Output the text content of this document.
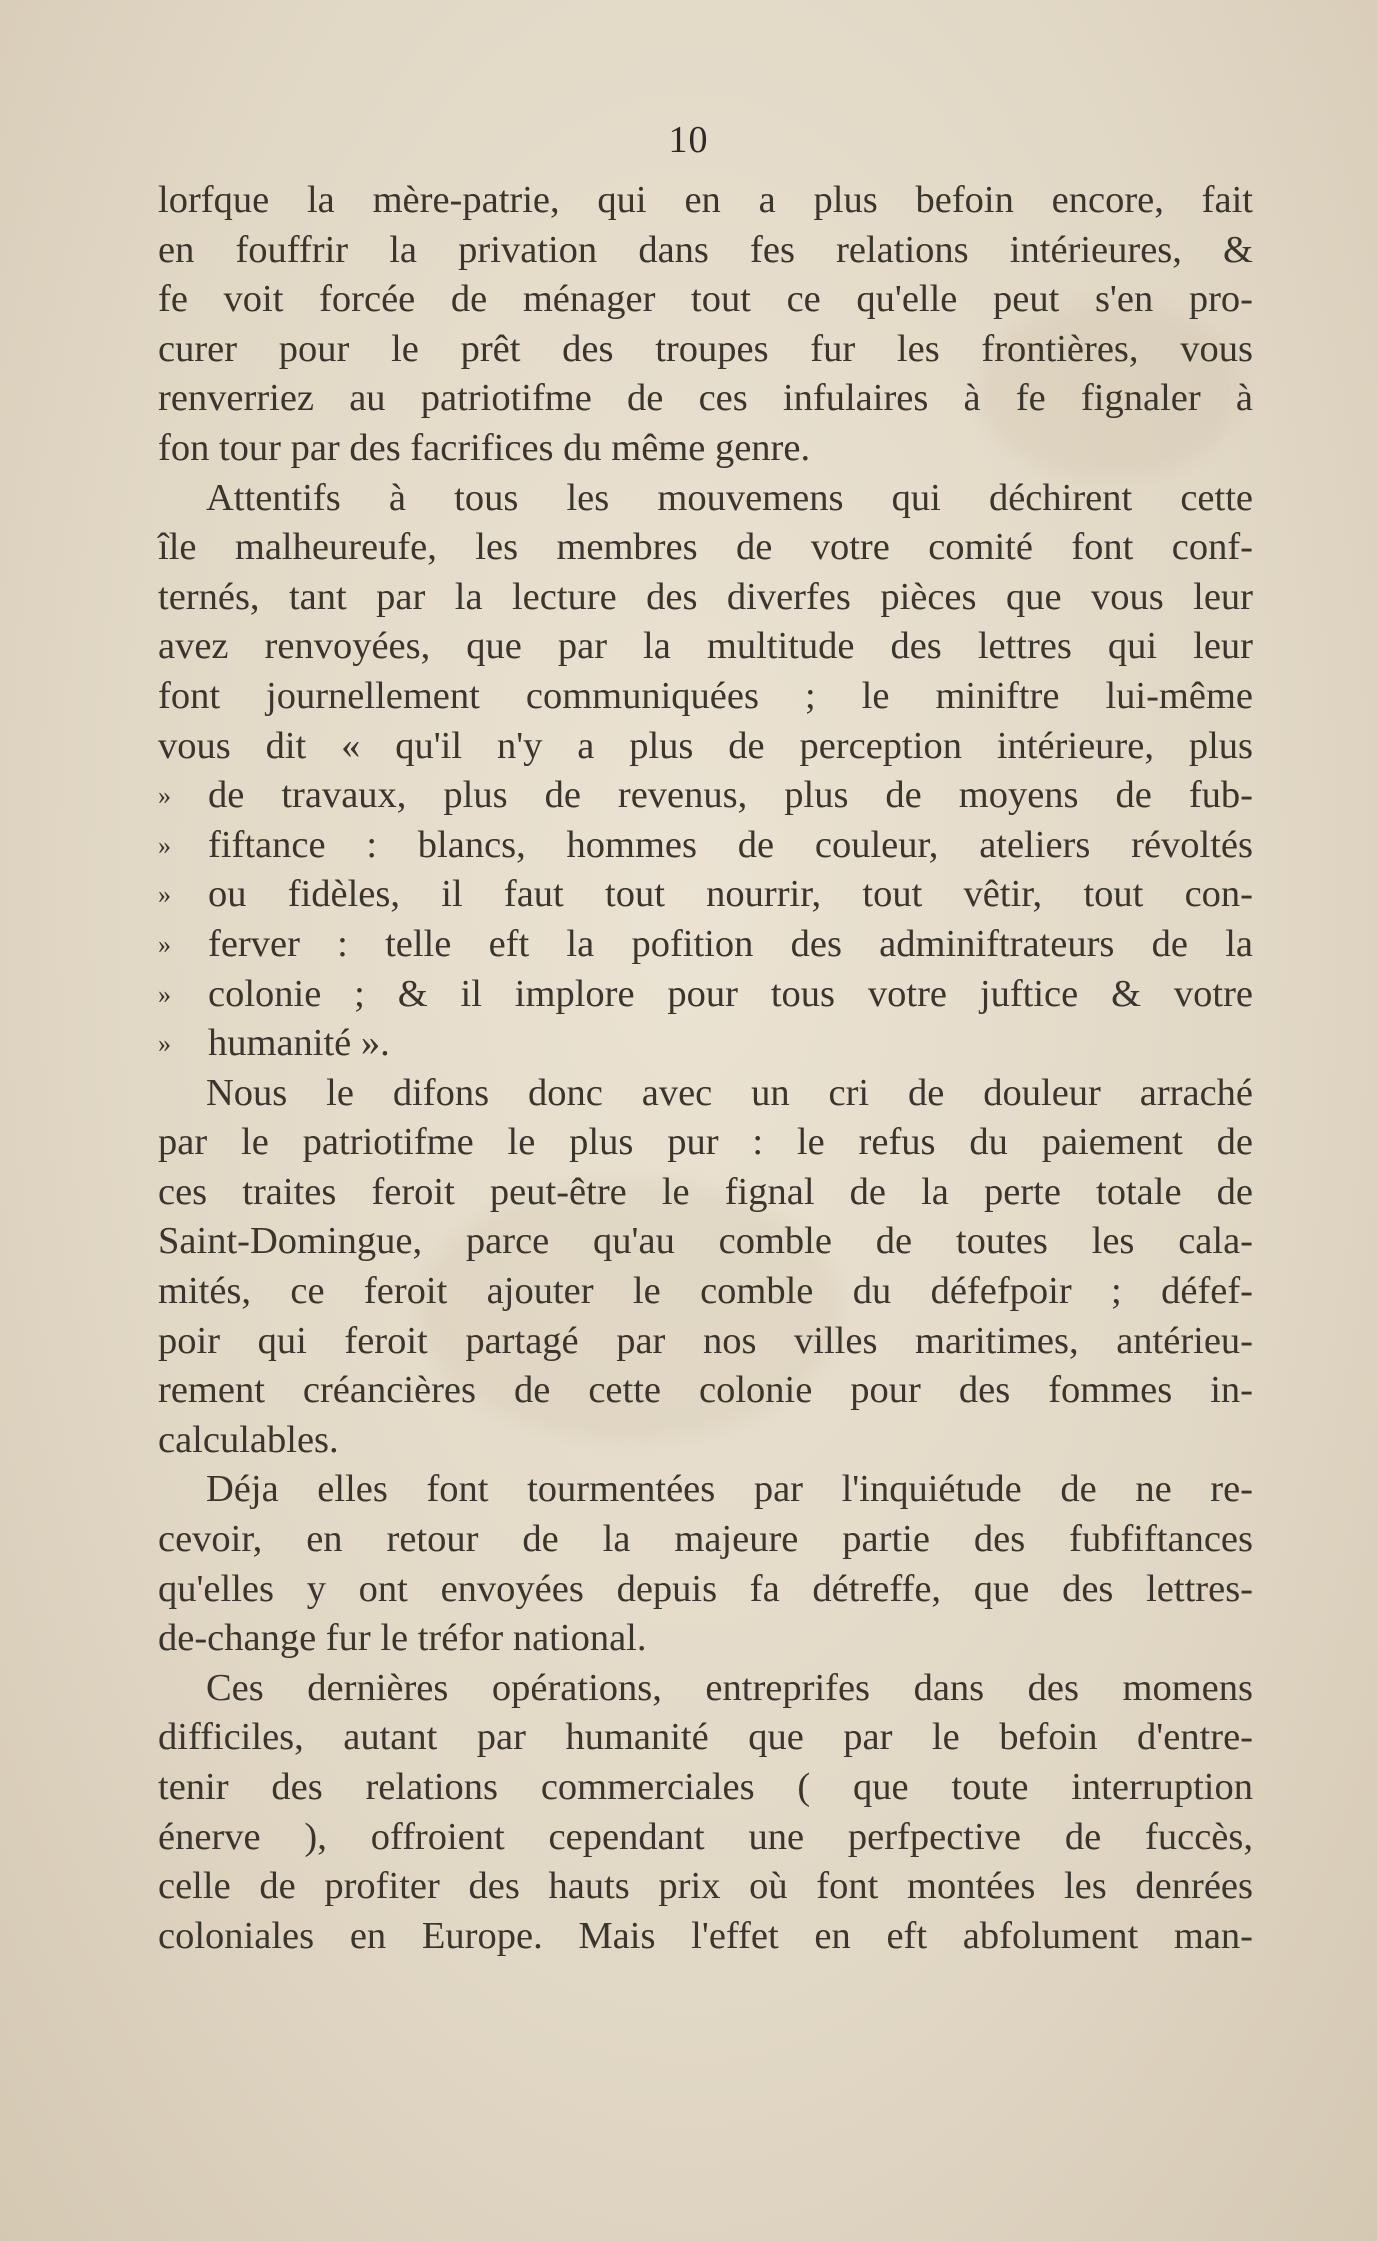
10
lorfque la mère-patrie, qui en a plus befoin encore, fait
en fouffrir la privation dans fes relations intérieures, &
fe voit forcée de ménager tout ce qu'elle peut s'en pro-
curer pour le prêt des troupes fur les frontières, vous
renverriez au patriotifme de ces infulaires à fe fignaler à
fon tour par des facrifices du même genre.
Attentifs à tous les mouvemens qui déchirent cette
île malheureufe, les membres de votre comité font conf-
ternés, tant par la lecture des diverfes pièces que vous leur
avez renvoyées, que par la multitude des lettres qui leur
font journellement communiquées ; le miniftre lui-même
vous dit « qu'il n'y a plus de perception intérieure, plus
» de travaux, plus de revenus, plus de moyens de fub-
» fiftance : blancs, hommes de couleur, ateliers révoltés
» ou fidèles, il faut tout nourrir, tout vêtir, tout con-
» ferver : telle eft la pofition des adminiftrateurs de la
» colonie ; & il implore pour tous votre juftice & votre
» humanité ».
Nous le difons donc avec un cri de douleur arraché
par le patriotifme le plus pur : le refus du paiement de
ces traites feroit peut-être le fignal de la perte totale de
Saint-Domingue, parce qu'au comble de toutes les cala-
mités, ce feroit ajouter le comble du défefpoir ; défef-
poir qui feroit partagé par nos villes maritimes, antérieu-
rement créancières de cette colonie pour des fommes in-
calculables.
Déja elles font tourmentées par l'inquiétude de ne re-
cevoir, en retour de la majeure partie des fubfiftances
qu'elles y ont envoyées depuis fa détreffe, que des lettres-
de-change fur le tréfor national.
Ces dernières opérations, entreprifes dans des momens
difficiles, autant par humanité que par le befoin d'entre-
tenir des relations commerciales ( que toute interruption
énerve ), offroient cependant une perfpective de fuccès,
celle de profiter des hauts prix où font montées les denrées
coloniales en Europe. Mais l'effet en eft abfolument man-
